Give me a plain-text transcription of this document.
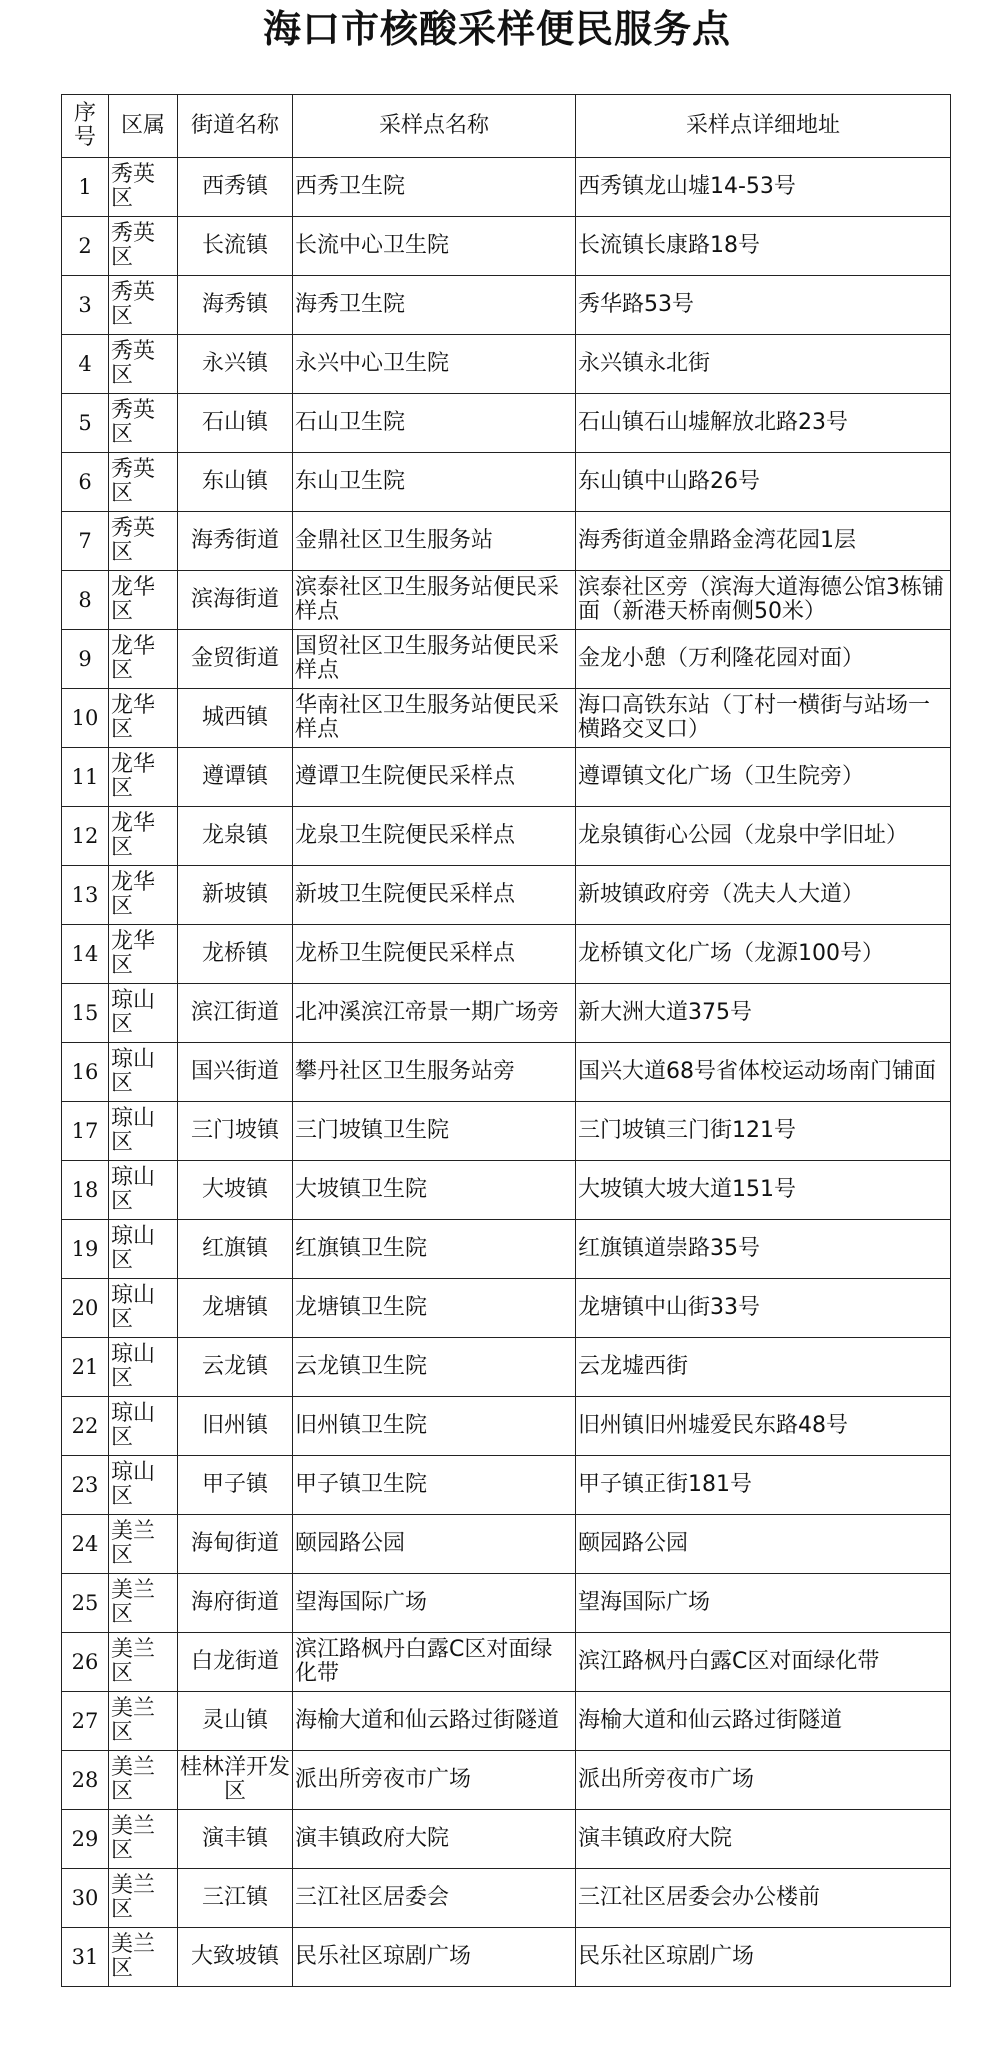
海口市核酸采样便民服务点
序号	区属	街道名称	采样点名称	采样点详细地址
1	秀英区	西秀镇	西秀卫生院	西秀镇龙山墟14-53号
2	秀英区	长流镇	长流中心卫生院	长流镇长康路18号
3	秀英区	海秀镇	海秀卫生院	秀华路53号
4	秀英区	永兴镇	永兴中心卫生院	永兴镇永北街
5	秀英区	石山镇	石山卫生院	石山镇石山墟解放北路23号
6	秀英区	东山镇	东山卫生院	东山镇中山路26号
7	秀英区	海秀街道	金鼎社区卫生服务站	海秀街道金鼎路金湾花园1层
8	龙华区	滨海街道	滨泰社区卫生服务站便民采样点	滨泰社区旁（滨海大道海德公馆3栋铺面（新港天桥南侧50米）
9	龙华区	金贸街道	国贸社区卫生服务站便民采样点	金龙小憩（万利隆花园对面）
10	龙华区	城西镇	华南社区卫生服务站便民采样点	海口高铁东站（丁村一横街与站场一横路交叉口）
11	龙华区	遵谭镇	遵谭卫生院便民采样点	遵谭镇文化广场（卫生院旁）
12	龙华区	龙泉镇	龙泉卫生院便民采样点	龙泉镇街心公园（龙泉中学旧址）
13	龙华区	新坡镇	新坡卫生院便民采样点	新坡镇政府旁（冼夫人大道）
14	龙华区	龙桥镇	龙桥卫生院便民采样点	龙桥镇文化广场（龙源100号）
15	琼山区	滨江街道	北冲溪滨江帝景一期广场旁	新大洲大道375号
16	琼山区	国兴街道	攀丹社区卫生服务站旁	国兴大道68号省体校运动场南门铺面
17	琼山区	三门坡镇	三门坡镇卫生院	三门坡镇三门街121号
18	琼山区	大坡镇	大坡镇卫生院	大坡镇大坡大道151号
19	琼山区	红旗镇	红旗镇卫生院	红旗镇道崇路35号
20	琼山区	龙塘镇	龙塘镇卫生院	龙塘镇中山街33号
21	琼山区	云龙镇	云龙镇卫生院	云龙墟西街
22	琼山区	旧州镇	旧州镇卫生院	旧州镇旧州墟爱民东路48号
23	琼山区	甲子镇	甲子镇卫生院	甲子镇正街181号
24	美兰区	海甸街道	颐园路公园	颐园路公园
25	美兰区	海府街道	望海国际广场	望海国际广场
26	美兰区	白龙街道	滨江路枫丹白露C区对面绿化带	滨江路枫丹白露C区对面绿化带
27	美兰区	灵山镇	海榆大道和仙云路过街隧道	海榆大道和仙云路过街隧道
28	美兰区	桂林洋开发区	派出所旁夜市广场	派出所旁夜市广场
29	美兰区	演丰镇	演丰镇政府大院	演丰镇政府大院
30	美兰区	三江镇	三江社区居委会	三江社区居委会办公楼前
31	美兰区	大致坡镇	民乐社区琼剧广场	民乐社区琼剧广场
